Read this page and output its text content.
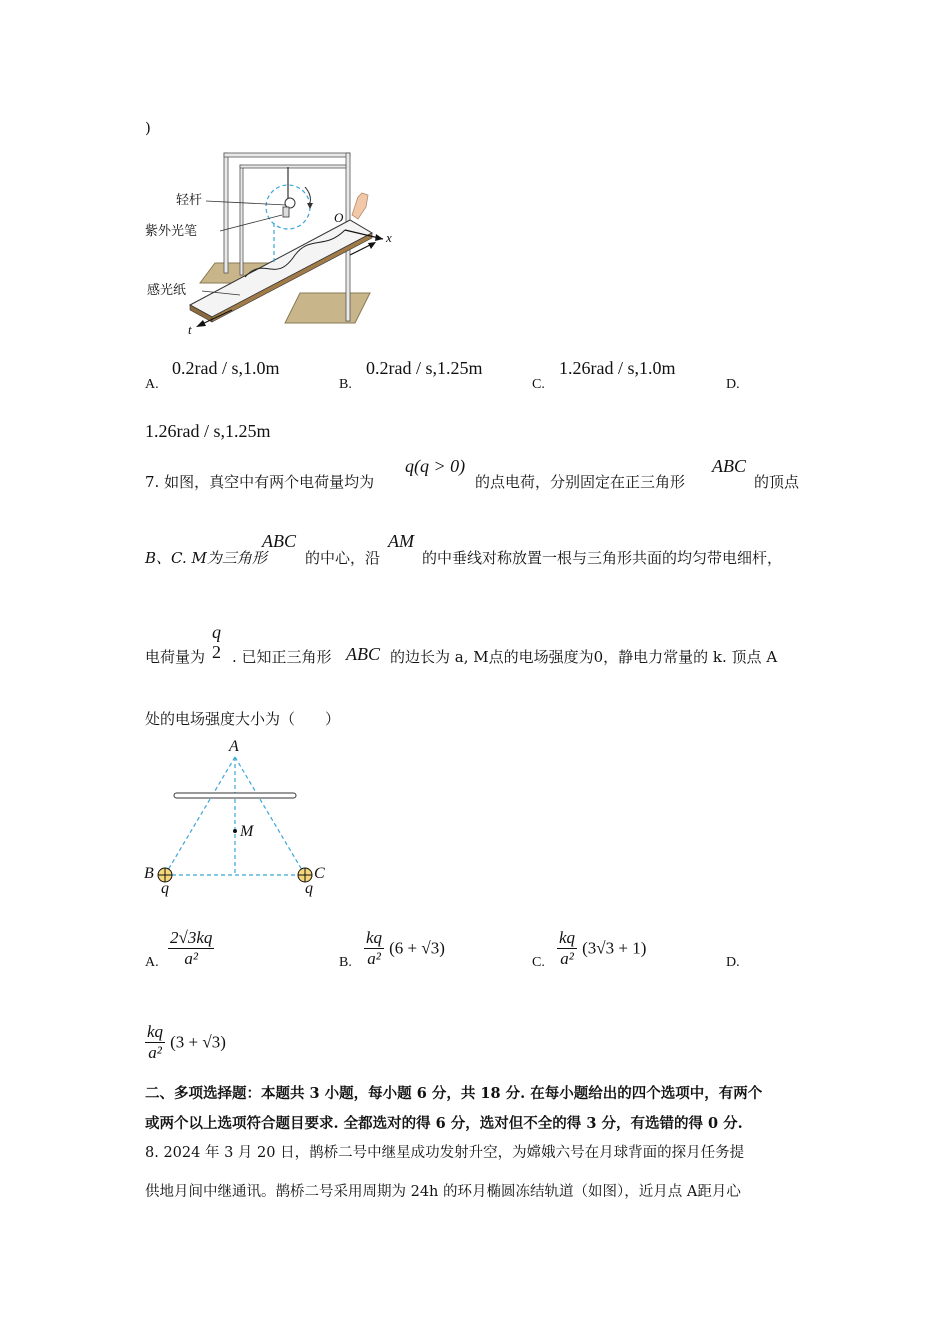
)
轻杆
紫外光笔
感光纸
O
x
t
A.
0.2rad / s,1.0m
B.
0.2rad / s,1.25m
C.
1.26rad / s,1.0m
D.
1.26rad / s,1.25m
7. 如图，真空中有两个电荷量均为
q(q > 0)
的点电荷，分别固定在正三角形
ABC
的顶点
B、C. M为三角形
ABC
的中心，沿
AM
的中垂线对称放置一根与三角形共面的均匀带电细杆，
电荷量为
q
2 . 已知正三角形 ABC 的边长为 a, M点的电场强度为0，静电力常量的 k. 顶点 A
处的电场强度大小为（　　）
A
M
B	C
q	q
A. $\frac{2√3kq}{\text{a²}}$	B. $\frac{kq}{\text{a²}} (6 + √3)$
C. $\frac{kq}{\text{a²}} (3√3 + 1)$
D.
$\frac{kq}{\text{a²}} (3 + √3)$
二、多项选择题：本题共 3 小题，每小题 6 分，共 18 分. 在每小题给出的四个选项中，有两个
或两个以上选项符合题目要求. 全都选对的得 6 分，选对但不全的得 3 分，有选错的得 0 分.
8. 2024 年 3 月 20 日，鹊桥二号中继星成功发射升空，为嫦娥六号在月球背面的探月任务提
供地月间中继通讯。鹊桥二号采用周期为 24h 的环月椭圆冻结轨道（如图），近月点 A距月心
